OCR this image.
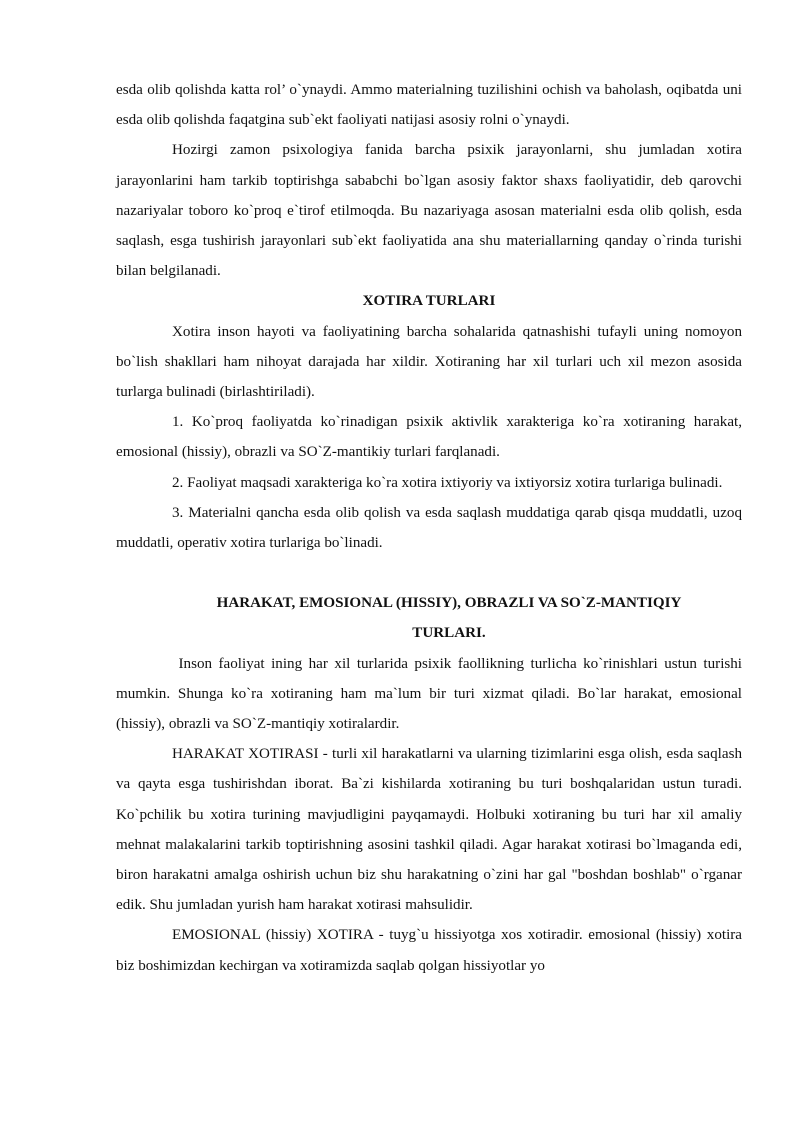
esda olib qolishda katta rol’ o`ynaydi. Ammo materialning tuzilishini ochish va baholash, oqibatda uni esda olib qolishda faqatgina sub`ekt faoliyati natijasi asosiy rolni o`ynaydi.

Hozirgi zamon psixologiya fanida barcha psixik jarayonlarni, shu jumladan xotira jarayonlarini ham tarkib toptirishga sababchi bo`lgan asosiy faktor shaxs faoliyatidir, deb qarovchi nazariyalar toboro ko`proq e`tirof etilmoqda. Bu nazariyaga asosan materialni esda olib qolish, esda saqlash, esga tushirish jarayonlari sub`ekt faoliyatida ana shu materiallarning qanday o`rinda turishi bilan belgilanadi.

XOTIRA TURLARI

Xotira inson hayoti va faoliyatining barcha sohalarida qatnashishi tufayli uning nomoyon bo`lish shakllari ham nihoyat darajada har xildir. Xotiraning har xil turlari uch xil mezon asosida turlarga bulinadi (birlashtiriladi).

1. Ko`proq faoliyatda ko`rinadigan psixik aktivlik xarakteriga ko`ra xotiraning harakat, emosional (hissiy), obrazli va SO`Z-mantikiy turlari farqlanadi.

2. Faoliyat maqsadi xarakteriga ko`ra xotira ixtiyoriy va ixtiyorsiz xotira turlariga bulinadi.

3. Materialni qancha esda olib qolish va esda saqlash muddatiga qarab qisqa muddatli, uzoq muddatli, operativ xotira turlariga bo`linadi.

HARAKAT, EMOSIONAL (HISSIY), OBRAZLI VA SO`Z-MANTIQIY
TURLARI.

Inson faoliyat ining har xil turlarida psixik faollikning turlicha ko`rinishlari ustun turishi mumkin. Shunga ko`ra xotiraning ham ma`lum bir turi xizmat qiladi. Bo`lar harakat, emosional (hissiy), obrazli va SO`Z-mantiqiy xotiralardir.

HARAKAT XOTIRASI - turli xil harakatlarni va ularning tizimlarini esga olish, esda saqlash va qayta esga tushirishdan iborat. Ba`zi kishilarda xotiraning bu turi boshqalaridan ustun turadi. Ko`pchilik bu xotira turining mavjudligini payqamaydi. Holbuki xotiraning bu turi har xil amaliy mehnat malakalarini tarkib toptirishning asosini tashkil qiladi. Agar harakat xotirasi bo`lmaganda edi, biron harakatni amalga oshirish uchun biz shu harakatning o`zini har gal "boshdan boshlab" o`rganar edik. Shu jumladan yurish ham harakat xotirasi mahsulidir.

EMOSIONAL (hissiy) XOTIRA - tuyg`u hissiyotga xos xotiradir. emosional (hissiy) xotira biz boshimizdan kechirgan va xotiramizda saqlab qolgan hissiyotlar yo
